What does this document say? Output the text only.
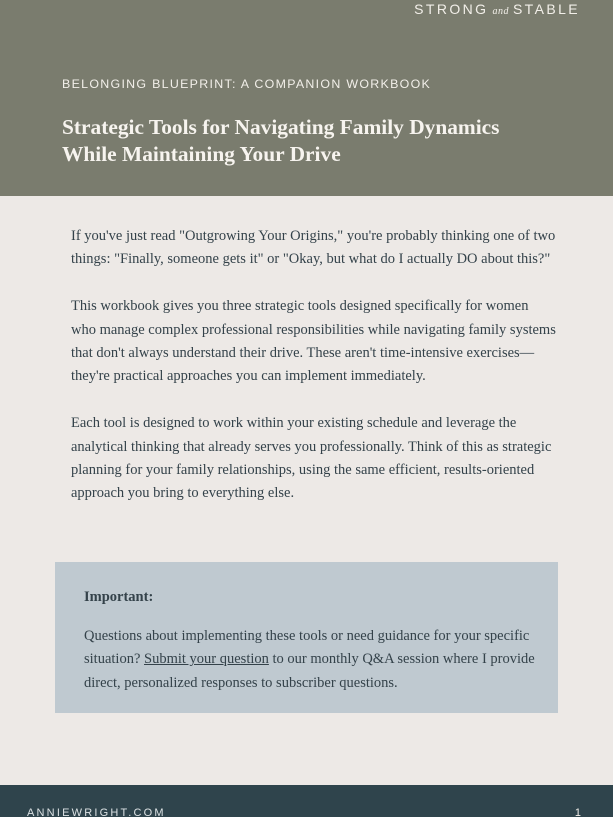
STRONG and STABLE
BELONGING BLUEPRINT: A COMPANION WORKBOOK
Strategic Tools for Navigating Family Dynamics
While Maintaining Your Drive

If you've just read "Outgrowing Your Origins," you're probably thinking one of two things: "Finally, someone gets it" or "Okay, but what do I actually DO about this?"

This workbook gives you three strategic tools designed specifically for women who manage complex professional responsibilities while navigating family systems that don't always understand their drive. These aren't time-intensive exercises—they're practical approaches you can implement immediately.

Each tool is designed to work within your existing schedule and leverage the analytical thinking that already serves you professionally. Think of this as strategic planning for your family relationships, using the same efficient, results-oriented approach you bring to everything else.

Important:

Questions about implementing these tools or need guidance for your specific situation? Submit your question to our monthly Q&A session where I provide direct, personalized responses to subscriber questions.

ANNIEWRIGHT.COM	1
